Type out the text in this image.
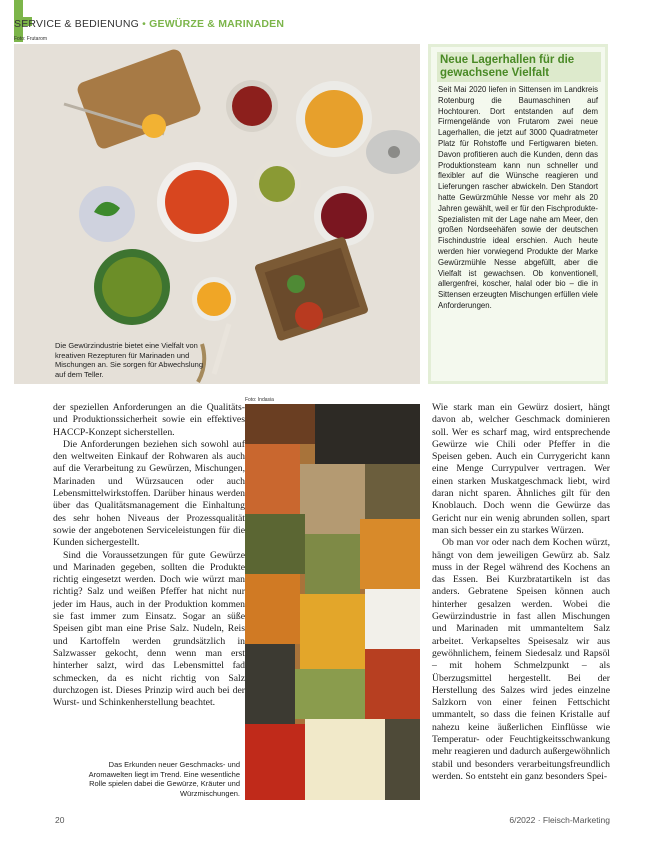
SERVICE & BEDIENUNG • GEWÜRZE & MARINADEN
Foto: Frutarom
Die Gewürzindustrie bietet eine Vielfalt von kreativen Rezepturen für Marinaden und Mischungen an. Sie sorgen für Abwechslung auf dem Teller.
Neue Lagerhallen für die gewachsene Vielfalt
Seit Mai 2020 liefen in Sittensen im Landkreis Rotenburg die Baumaschinen auf Hochtouren. Dort entstanden auf dem Firmengelände von Frutarom zwei neue Lagerhallen, die jetzt auf 3000 Quadratmeter Platz für Rohstoffe und Fertigwaren bieten. Davon profitieren auch die Kunden, denn das Produktionsteam kann nun schneller und flexibler auf die Wünsche reagieren und Lieferungen rascher abwickeln. Den Standort hatte Gewürzmühle Nesse vor mehr als 20 Jahren gewählt, weil er für den Fischprodukte-Spezialisten mit der Lage nahe am Meer, den großen Nordseehäfen sowie der deutschen Fischindustrie ideal erschien. Auch heute werden hier vorwiegend Produkte der Marke Gewürzmühle Nesse abgefüllt, aber die Vielfalt ist gewachsen. Ob konventionell, allergenfrei, koscher, halal oder bio – die in Sittensen erzeugten Mischungen erfüllen viele Anforderungen.

der speziellen Anforderungen an die Qualitäts- und Produktionssicherheit sowie ein effektives HACCP-Konzept sicherstellen.

Die Anforderungen beziehen sich sowohl auf den weltweiten Einkauf der Rohwaren als auch auf die Verarbeitung zu Gewürzen, Mischungen, Marinaden und Würzsaucen oder auch Lebensmittelwirkstoffen. Darüber hinaus werden über das Qualitätsmanagement die Einhaltung des sehr hohen Niveaus der Prozessqualität sowie der angebotenen Serviceleistungen für die Kunden sichergestellt.

Sind die Voraussetzungen für gute Gewürze und Marinaden gegeben, sollten die Produkte richtig eingesetzt werden. Doch wie würzt man richtig? Salz und weißen Pfeffer hat nicht nur jeder im Haus, auch in der Produktion kommen sie fast immer zum Einsatz. Sogar an süße Speisen gibt man eine Prise Salz. Nudeln, Reis und Kartoffeln werden grundsätzlich in Salzwasser gekocht, denn wenn man erst hinterher salzt, wird das Lebensmittel fad schmecken, da es nicht richtig von Salz durchzogen ist. Dieses Prinzip wird auch bei der Wurst- und Schinkenherstellung beachtet.

Foto: Indasia
Das Erkunden neuer Geschmacks- und Aromawelten liegt im Trend. Eine wesentliche Rolle spielen dabei die Gewürze, Kräuter und Würzmischungen.

Wie stark man ein Gewürz dosiert, hängt davon ab, welcher Geschmack dominieren soll. Wer es scharf mag, wird entsprechende Gewürze wie Chili oder Pfeffer in die Speisen geben. Auch ein Currygericht kann eine Menge Currypulver vertragen. Wer einen starken Muskatgeschmack liebt, wird daran nicht sparen. Ähnliches gilt für den Knoblauch. Doch wenn die Gewürze das Gericht nur ein wenig abrunden sollen, spart man sich besser ein zu starkes Würzen.

Ob man vor oder nach dem Kochen würzt, hängt von dem jeweiligen Gewürz ab. Salz muss in der Regel während des Kochens an das Essen. Bei Kurzbratartikeln ist das anders. Gebratene Speisen können auch hinterher gesalzen werden. Wobei die Gewürzindustrie in fast allen Mischungen und Marinaden mit ummanteltem Salz arbeitet. Verkapseltes Speisesalz wir aus gewöhnlichem, feinem Siedesalz und Rapsöl – mit hohem Schmelzpunkt – als Überzugsmittel hergestellt. Bei der Herstellung des Salzes wird jedes einzelne Salzkorn von einer feinen Fettschicht ummantelt, so dass die feinen Kristalle auf nahezu keine äußerlichen Einflüsse wie Temperatur- oder Feuchtigkeitsschwankung mehr reagieren und dadurch außergewöhnlich stabil und besonders verarbeitungsfreundlich werden. So entsteht ein ganz besonders Spei-

20	6/2022 · Fleisch-Marketing
